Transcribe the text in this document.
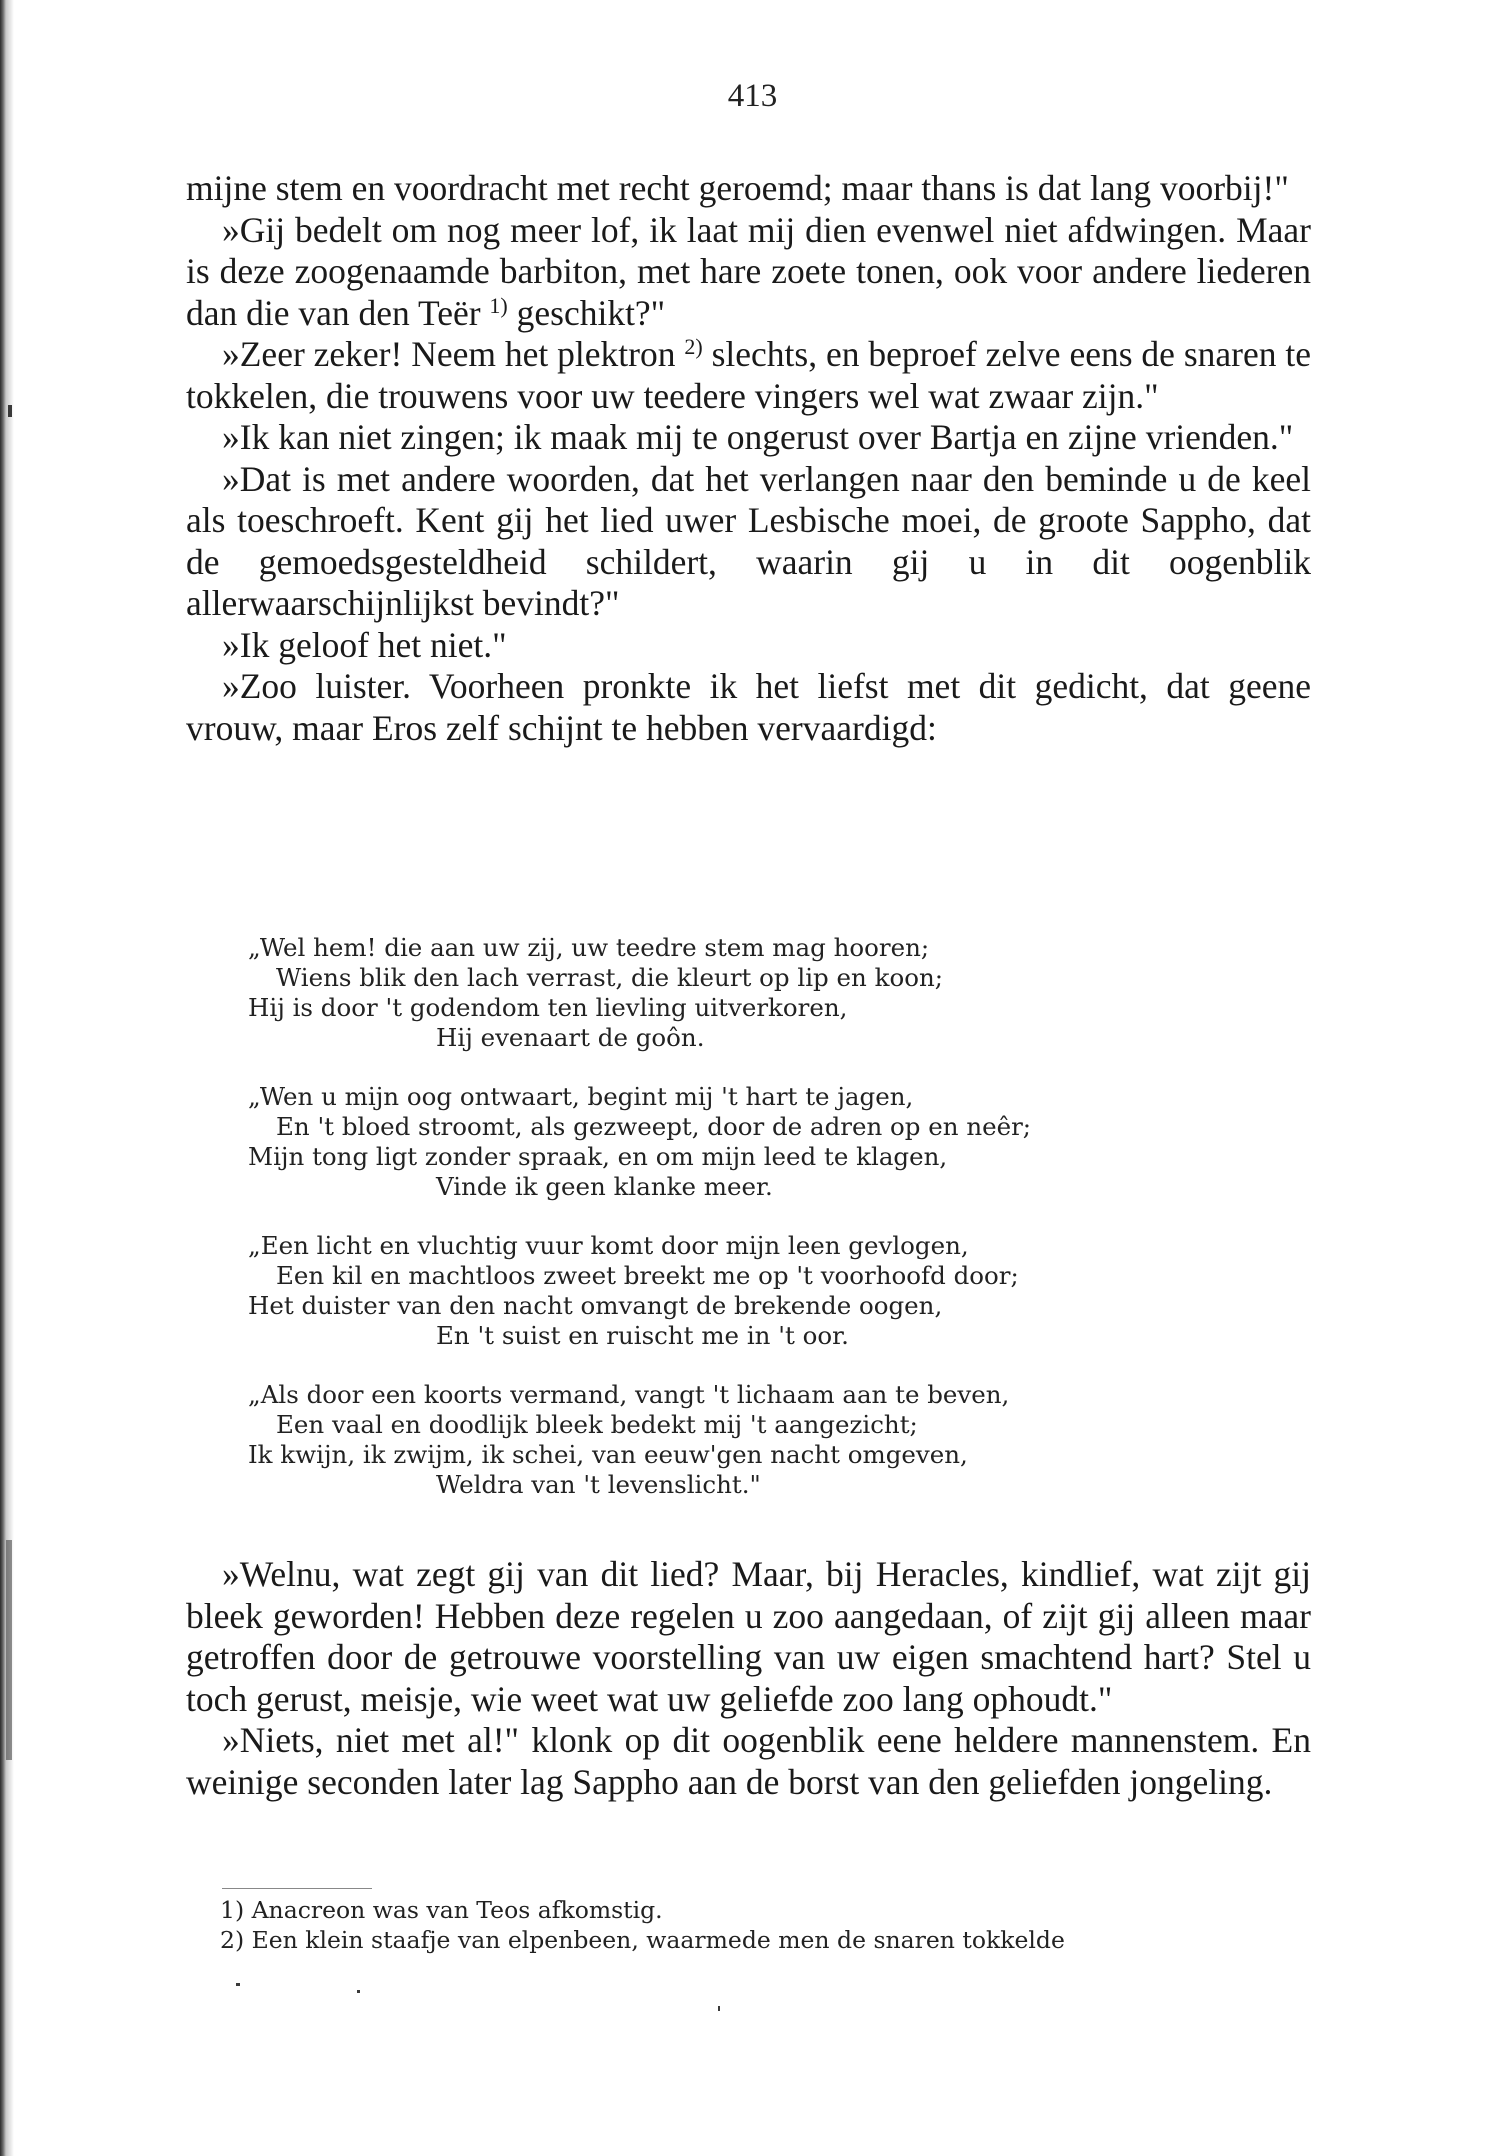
413

mijne stem en voordracht met recht geroemd; maar thans is dat lang voorbij!"

»Gij bedelt om nog meer lof, ik laat mij dien evenwel niet afdwingen. Maar is deze zoogenaamde barbiton, met hare zoete tonen, ook voor andere liederen dan die van den Teër $^{1)}$ geschikt?"

»Zeer zeker! Neem het plektron $^{2)}$ slechts, en beproef zelve eens de snaren te tokkelen, die trouwens voor uw teedere vingers wel wat zwaar zijn."

»Ik kan niet zingen; ik maak mij te ongerust over Bartja en zijne vrienden."

»Dat is met andere woorden, dat het verlangen naar den beminde u de keel als toeschroeft. Kent gij het lied uwer Lesbische moei, de groote Sappho, dat de gemoedsgesteldheid schildert, waarin gij u in dit oogenblik allerwaarschijnlijkst bevindt?"

»Ik geloof het niet."

»Zoo luister. Voorheen pronkte ik het liefst met dit gedicht, dat geene vrouw, maar Eros zelf schijnt te hebben vervaardigd:

„Wel hem! die aan uw zij, uw teedre stem mag hooren;
Wiens blik den lach verrast, die kleurt op lip en koon;
Hij is door 't godendom ten lievling uitverkoren,
Hij evenaart de goôn.
„Wen u mijn oog ontwaart, begint mij 't hart te jagen,
En 't bloed stroomt, als gezweept, door de adren op en neêr;
Mijn tong ligt zonder spraak, en om mijn leed te klagen,
Vinde ik geen klanke meer.
„Een licht en vluchtig vuur komt door mijn leen gevlogen,
Een kil en machtloos zweet breekt me op 't voorhoofd door;
Het duister van den nacht omvangt de brekende oogen,
En 't suist en ruischt me in 't oor.
„Als door een koorts vermand, vangt 't lichaam aan te beven,
Een vaal en doodlijk bleek bedekt mij 't aangezicht;
Ik kwijn, ik zwijm, ik schei, van eeuw'gen nacht omgeven,
Weldra van 't levenslicht."

»Welnu, wat zegt gij van dit lied? Maar, bij Heracles, kindlief, wat zijt gij bleek geworden! Hebben deze regelen u zoo aangedaan, of zijt gij alleen maar getroffen door de getrouwe voorstelling van uw eigen smachtend hart? Stel u toch gerust, meisje, wie weet wat uw geliefde zoo lang ophoudt."

»Niets, niet met al!" klonk op dit oogenblik eene heldere mannenstem. En weinige seconden later lag Sappho aan de borst van den geliefden jongeling.

1) Anacreon was van Teos afkomstig.
2) Een klein staafje van elpenbeen, waarmede men de snaren tokkelde
